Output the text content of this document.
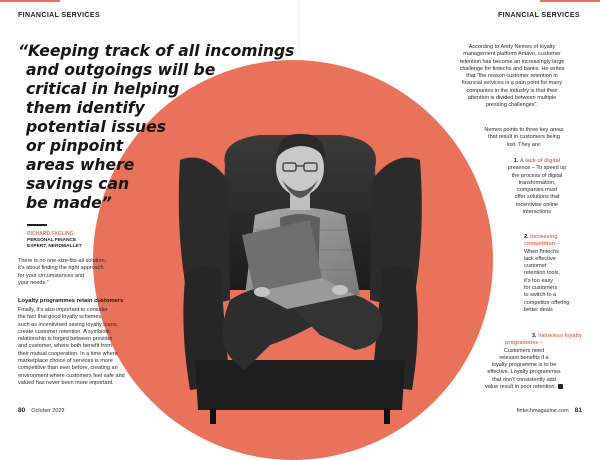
FINANCIAL SERVICES	FINANCIAL SERVICES
“Keeping track of all incomings
and outgoings will be
critical in helping
them identify
potential issues
or pinpoint
areas where
savings can
be made”
RICHARD FAGLING
PERSONAL FINANCE EXPERT, NERDWALLET
There is no one-size-fits-all solution;
it’s about finding the right approach
for your circumstances and
your needs.”
Loyalty programmes retain customers
Finally, it’s also important to consider
the fact that good loyalty schemes,
such as incentivised saving loyalty loans,
create customer retention. A symbiotic
relationship is forged between provider
and customer, where both benefit from
their mutual cooperation. In a time where
marketplace choice of services is more
competitive than ever before, creating an
environment where customers feel safe and
valued has never been more important.
According to Andy Nemes of loyalty
management platform Antavo, customer
retention has become an increasingly large
challenge for fintechs and banks. He writes
that “the reason customer retention in
financial services is a pain point for many
companies in the industry is that their
attention is divided between multiple
pressing challenges”.
Nemes points to three key areas
that result in customers being
lost. They are:
1. A lack of digital
presence – To speed up
the process of digital
transformation,
companies must
offer solutions that
incentivise online
interactions
2. Increasing
competition –
When fintechs
lack effective
customer
retention tools,
it’s too easy
for customers
to switch to a
competitor offering
better deals
3. Valueless loyalty
programmes –
Customers need
relevant benefits if a
loyalty programme is to be
effective. Loyalty programmes
that don’t consistently add
value result in poor retention.
80 October 2022	fintechmagazine.com 81
